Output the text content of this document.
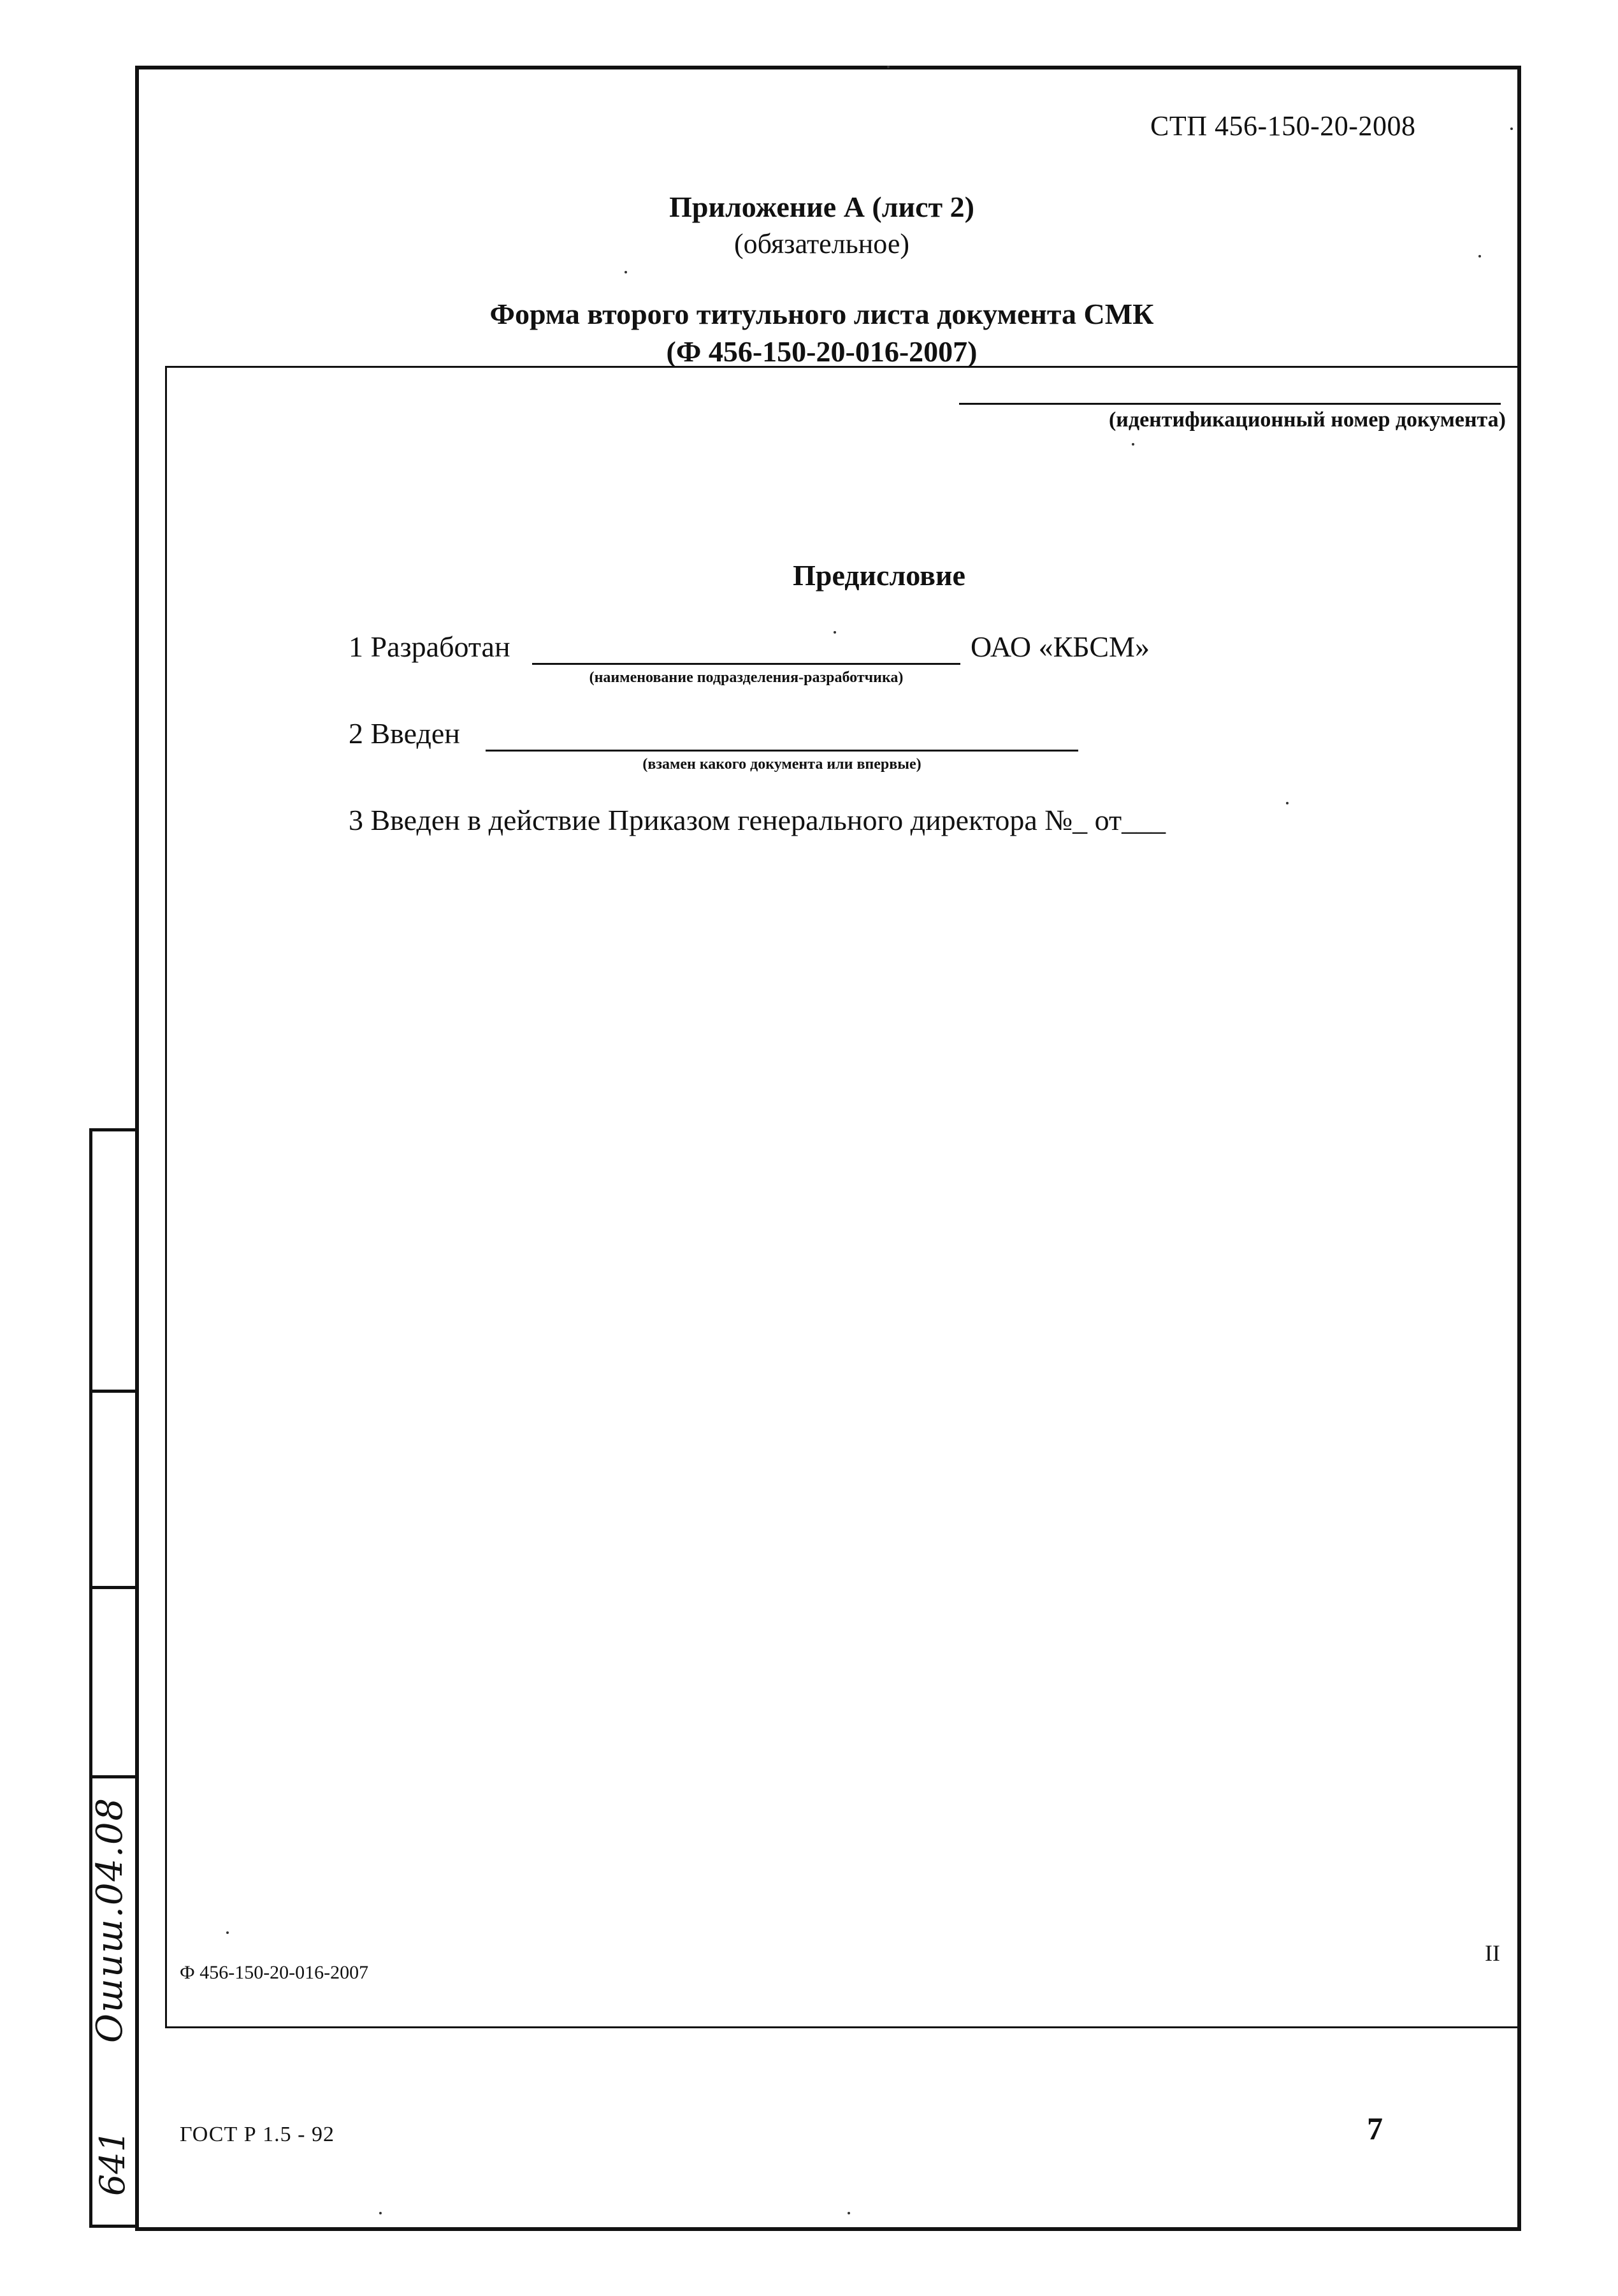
Ошиш.04.08
641
СТП 456-150-20-2008
Приложение А (лист 2)
(обязательное)
Форма второго титульного листа документа СМК
(Ф 456-150-20-016-2007)
(идентификационный номер документа)
Предисловие
1 Разработан	ОАО «КБСМ»
(наименование подразделения-разработчика)
2 Введен
(взамен какого документа или впервые)
3 Введен в действие Приказом генерального директора №_ от___
Ф 456-150-20-016-2007
II
ГОСТ Р 1.5 - 92	7
